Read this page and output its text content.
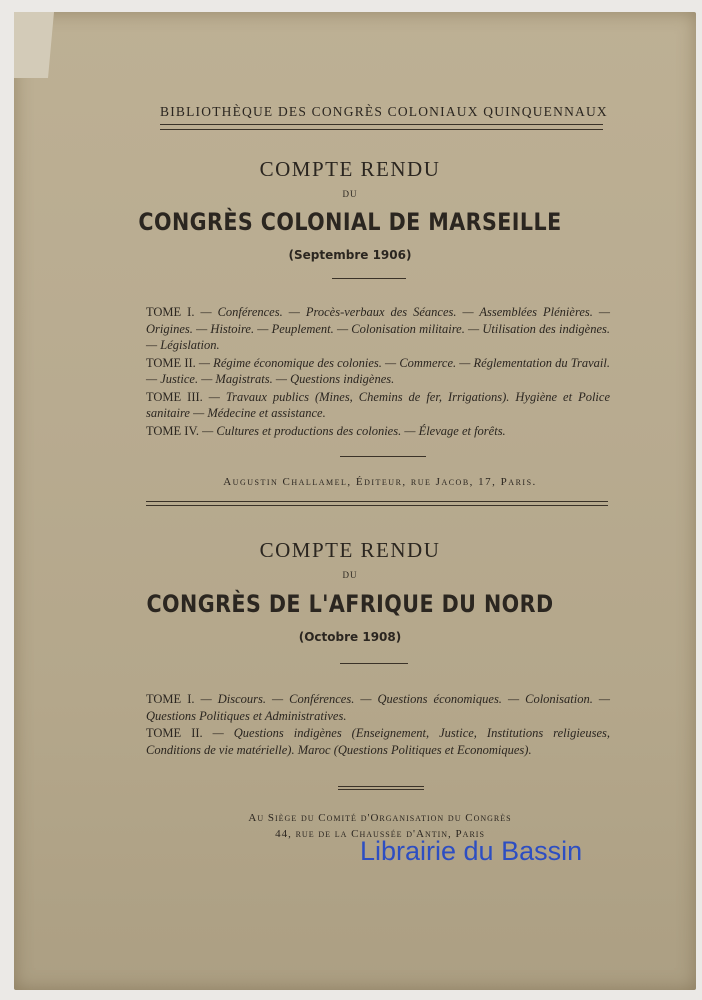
BIBLIOTHÈQUE DES CONGRÈS COLONIAUX QUINQUENNAUX
COMPTE RENDU
DU
CONGRÈS COLONIAL DE MARSEILLE
(Septembre 1906)
TOME I. — Conférences. — Procès-verbaux des Séances. — Assemblées Plénières. — Origines. — Histoire. — Peuplement. — Colonisation militaire. — Utilisation des indigènes. — Législation.
TOME II. — Régime économique des colonies. — Commerce. — Réglementation du Travail. — Justice. — Magistrats. — Questions indigènes.
TOME III. — Travaux publics (Mines, Chemins de fer, Irrigations). Hygiène et Police sanitaire — Médecine et assistance.
TOME IV. — Cultures et productions des colonies. — Élevage et forêts.
Augustin Challamel, Éditeur, rue Jacob, 17, Paris.
COMPTE RENDU
DU
CONGRÈS DE L'AFRIQUE DU NORD
(Octobre 1908)
TOME I. — Discours. — Conférences. — Questions économiques. — Colonisation. — Questions Politiques et Administratives.
TOME II. — Questions indigènes (Enseignement, Justice, Institutions religieuses, Conditions de vie matérielle). Maroc (Questions Politiques et Economiques).
Au Siège du Comité d'Organisation du Congrès
44, rue de la Chaussée d'Antin, Paris
Librairie du Bassin
